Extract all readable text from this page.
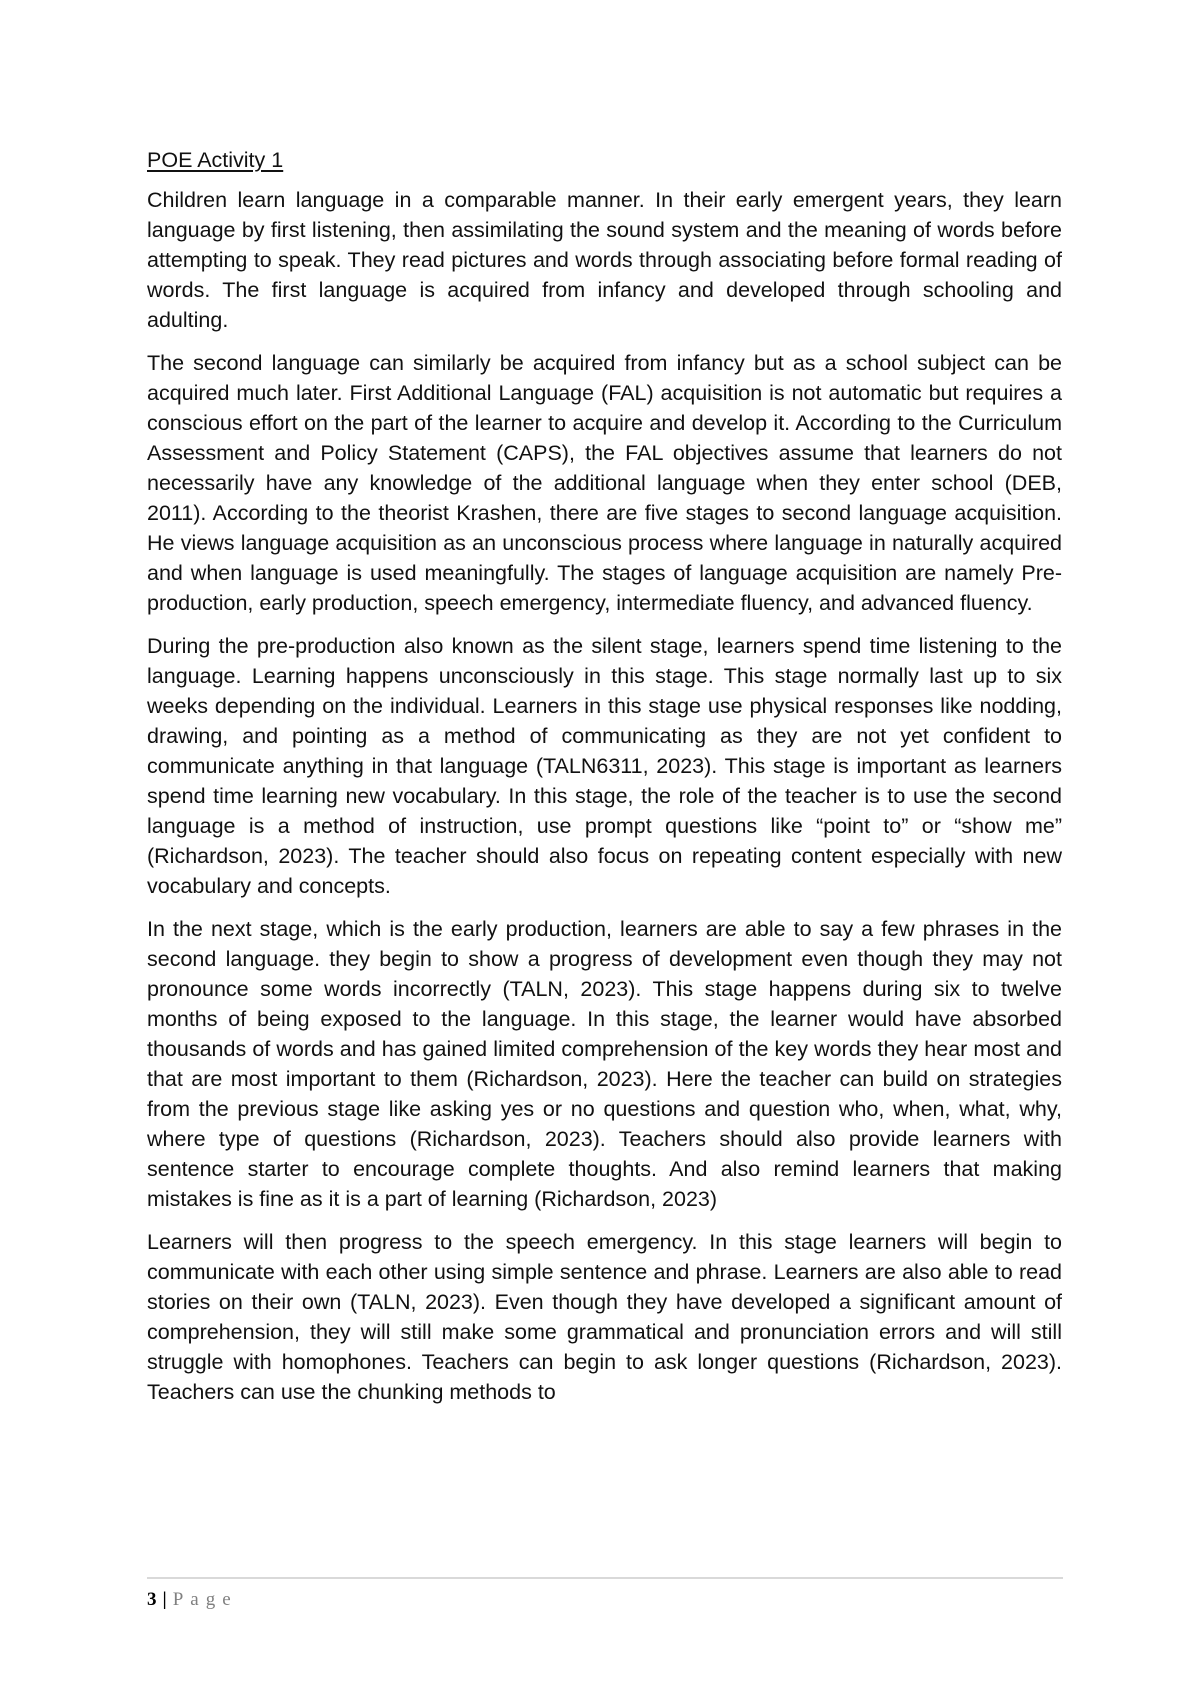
POE Activity 1

Children learn language in a comparable manner. In their early emergent years, they learn language by first listening, then assimilating the sound system and the meaning of words before attempting to speak. They read pictures and words through associating before formal reading of words. The first language is acquired from infancy and developed through schooling and adulting.

The second language can similarly be acquired from infancy but as a school subject can be acquired much later. First Additional Language (FAL) acquisition is not automatic but requires a conscious effort on the part of the learner to acquire and develop it. According to the Curriculum Assessment and Policy Statement (CAPS), the FAL objectives assume that learners do not necessarily have any knowledge of the additional language when they enter school (DEB, 2011). According to the theorist Krashen, there are five stages to second language acquisition. He views language acquisition as an unconscious process where language in naturally acquired and when language is used meaningfully. The stages of language acquisition are namely Pre-production, early production, speech emergency, intermediate fluency, and advanced fluency.

During the pre-production also known as the silent stage, learners spend time listening to the language. Learning happens unconsciously in this stage. This stage normally last up to six weeks depending on the individual. Learners in this stage use physical responses like nodding, drawing, and pointing as a method of communicating as they are not yet confident to communicate anything in that language (TALN6311, 2023). This stage is important as learners spend time learning new vocabulary. In this stage, the role of the teacher is to use the second language is a method of instruction, use prompt questions like “point to” or “show me” (Richardson, 2023). The teacher should also focus on repeating content especially with new vocabulary and concepts.

In the next stage, which is the early production, learners are able to say a few phrases in the second language. they begin to show a progress of development even though they may not pronounce some words incorrectly (TALN, 2023). This stage happens during six to twelve months of being exposed to the language. In this stage, the learner would have absorbed thousands of words and has gained limited comprehension of the key words they hear most and that are most important to them (Richardson, 2023). Here the teacher can build on strategies from the previous stage like asking yes or no questions and question who, when, what, why, where type of questions (Richardson, 2023). Teachers should also provide learners with sentence starter to encourage complete thoughts. And also remind learners that making mistakes is fine as it is a part of learning (Richardson, 2023)

Learners will then progress to the speech emergency. In this stage learners will begin to communicate with each other using simple sentence and phrase. Learners are also able to read stories on their own (TALN, 2023). Even though they have developed a significant amount of comprehension, they will still make some grammatical and pronunciation errors and will still struggle with homophones. Teachers can begin to ask longer questions (Richardson, 2023). Teachers can use the chunking methods to

3 | Page
